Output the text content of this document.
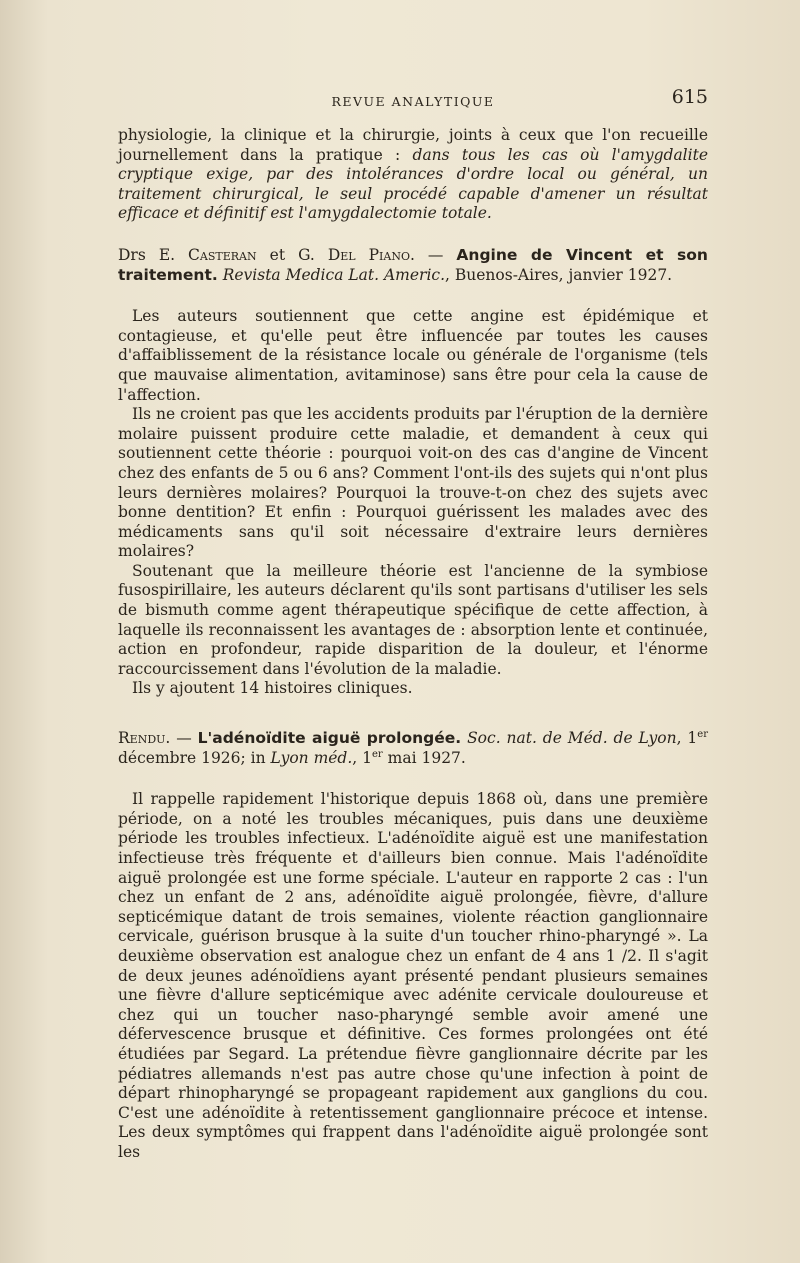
REVUE ANALYTIQUE	615

physiologie, la clinique et la chirurgie, joints à ceux que l'on recueille journellement dans la pratique : dans tous les cas où l'amygdalite cryptique exige, par des intolérances d'ordre local ou général, un traitement chirurgical, le seul procédé capable d'amener un résultat efficace et définitif est l'amygdalectomie totale.

Drs E. Casteran et G. Del Piano. — Angine de Vincent et son traitement. Revista Medica Lat. Americ., Buenos-Aires, janvier 1927.

Les auteurs soutiennent que cette angine est épidémique et contagieuse, et qu'elle peut être influencée par toutes les causes d'affaiblissement de la résistance locale ou générale de l'organisme (tels que mauvaise alimentation, avitaminose) sans être pour cela la cause de l'affection.

Ils ne croient pas que les accidents produits par l'éruption de la dernière molaire puissent produire cette maladie, et demandent à ceux qui soutiennent cette théorie : pourquoi voit-on des cas d'angine de Vincent chez des enfants de 5 ou 6 ans? Comment l'ont-ils des sujets qui n'ont plus leurs dernières molaires? Pourquoi la trouve-t-on chez des sujets avec bonne dentition? Et enfin : Pourquoi guérissent les malades avec des médicaments sans qu'il soit nécessaire d'extraire leurs dernières molaires?

Soutenant que la meilleure théorie est l'ancienne de la symbiose fusospirillaire, les auteurs déclarent qu'ils sont partisans d'utiliser les sels de bismuth comme agent thérapeutique spécifique de cette affection, à laquelle ils reconnaissent les avantages de : absorption lente et continuée, action en profondeur, rapide disparition de la douleur, et l'énorme raccourcissement dans l'évolution de la maladie.

Ils y ajoutent 14 histoires cliniques.

Rendu. — L'adénoïdite aiguë prolongée. Soc. nat. de Méd. de Lyon, 1er décembre 1926; in Lyon méd., 1er mai 1927.

Il rappelle rapidement l'historique depuis 1868 où, dans une première période, on a noté les troubles mécaniques, puis dans une deuxième période les troubles infectieux. L'adénoïdite aiguë est une manifestation infectieuse très fréquente et d'ailleurs bien connue. Mais l'adénoïdite aiguë prolongée est une forme spéciale. L'auteur en rapporte 2 cas : l'un chez un enfant de 2 ans, adénoïdite aiguë prolongée, fièvre, d'allure septicémique datant de trois semaines, violente réaction ganglionnaire cervicale, guérison brusque à la suite d'un toucher rhino-pharyngé ». La deuxième observation est analogue chez un enfant de 4 ans 1 /2. Il s'agit de deux jeunes adénoïdiens ayant présenté pendant plusieurs semaines une fièvre d'allure septicémique avec adénite cervicale douloureuse et chez qui un toucher naso-pharyngé semble avoir amené une défervescence brusque et définitive. Ces formes prolongées ont été étudiées par Segard. La prétendue fièvre ganglionnaire décrite par les pédiatres allemands n'est pas autre chose qu'une infection à point de départ rhinopharyngé se propageant rapidement aux ganglions du cou. C'est une adénoïdite à retentissement ganglionnaire précoce et intense. Les deux symptômes qui frappent dans l'adénoïdite aiguë prolongée sont les
